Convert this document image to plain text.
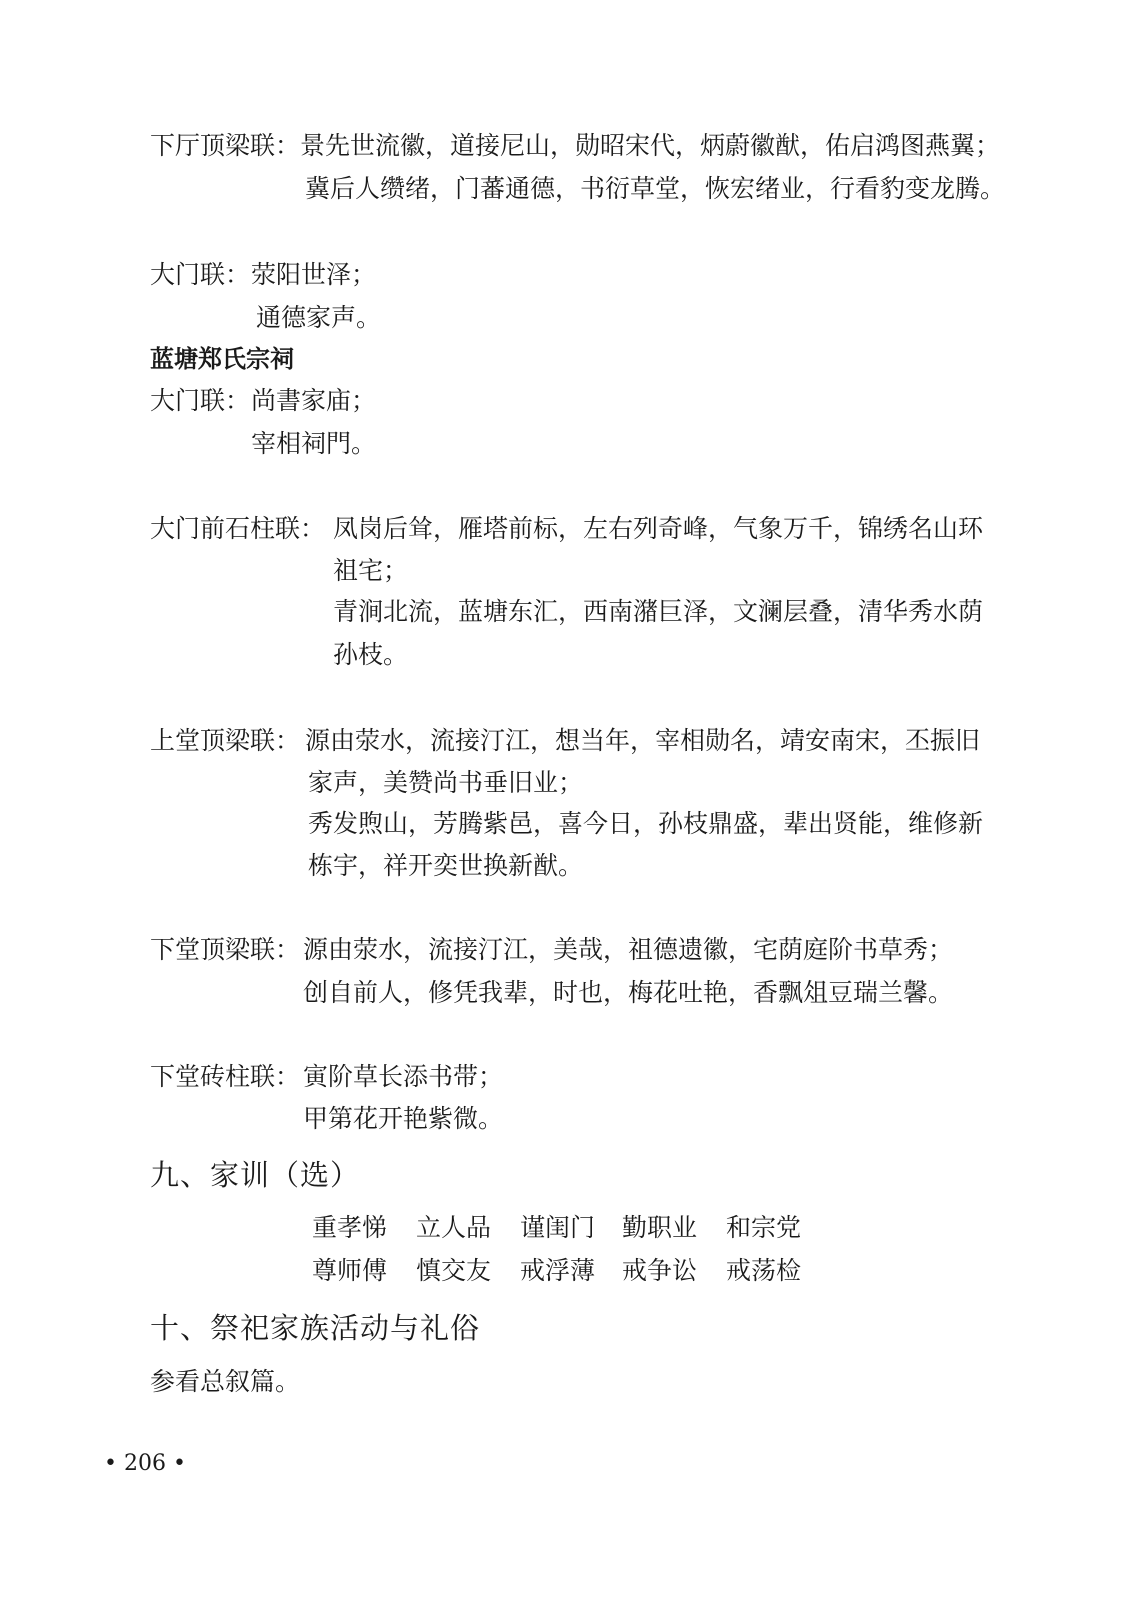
下厅顶梁联： 景先世流徽，道接尼山，勋昭宋代，炳蔚徽猷，佑启鸿图燕翼；
冀后人缵绪，门蕃通德，书衍草堂，恢宏绪业，行看豹变龙腾。
大门联： 荥阳世泽；
通德家声。
蓝塘郑氏宗祠
大门联： 尚書家庙；
宰相祠門。
大门前石柱联： 凤岗后耸，雁塔前标，左右列奇峰，气象万千，锦绣名山环
祖宅；
青涧北流，蓝塘东汇，西南潴巨泽，文澜层叠，清华秀水荫
孙枝。
上堂顶梁联： 源由荥水，流接汀江，想当年，宰相勋名，靖安南宋，丕振旧
家声，美赞尚书垂旧业；
秀发煦山，芳腾紫邑，喜今日，孙枝鼎盛，辈出贤能，维修新
栋宇，祥开奕世换新猷。
下堂顶梁联： 源由荥水，流接汀江，美哉，祖德遗徽，宅荫庭阶书草秀；
创自前人，修凭我辈，时也，梅花吐艳，香飘俎豆瑞兰馨。
下堂砖柱联： 寅阶草长添书带；
甲第花开艳紫微。
九、家训（选）
重孝悌 立人品 谨闺门 勤职业 和宗党
尊师傅 慎交友 戒浮薄 戒争讼 戒荡检
十、祭祀家族活动与礼俗
参看总叙篇。
• 206 •
